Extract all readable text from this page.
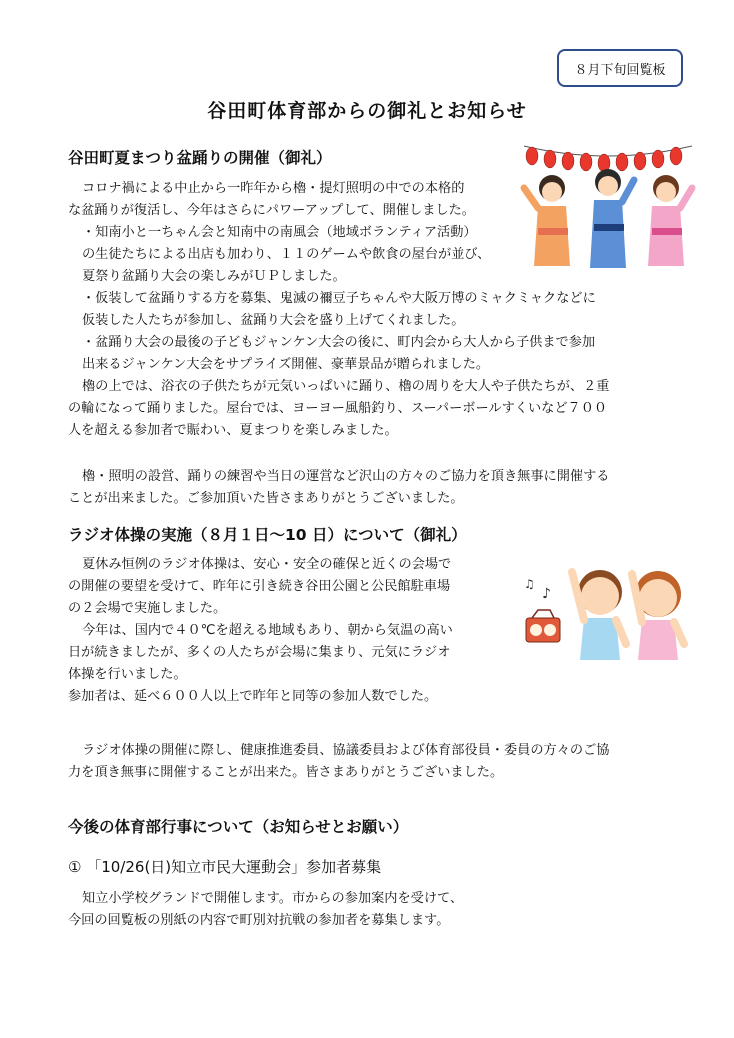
８月下旬回覧板
谷田町体育部からの御礼とお知らせ
谷田町夏まつり盆踊りの開催（御礼）

コロナ禍による中止から一昨年から櫓・提灯照明の中での本格的
な盆踊りが復活し、今年はさらにパワーアップして、開催しました。
・知南小と一ちゃん会と知南中の南風会（地域ボランティア活動）
の生徒たちによる出店も加わり、１１のゲームや飲食の屋台が並び、
夏祭り盆踊り大会の楽しみがＵＰしました。
・仮装して盆踊りする方を募集、鬼滅の禰豆子ちゃんや大阪万博のミャクミャクなどに
仮装した人たちが参加し、盆踊り大会を盛り上げてくれました。
・盆踊り大会の最後の子どもジャンケン大会の後に、町内会から大人から子供まで参加
出来るジャンケン大会をサプライズ開催、豪華景品が贈られました。
櫓の上では、浴衣の子供たちが元気いっぱいに踊り、櫓の周りを大人や子供たちが、２重
の輪になって踊りました。屋台では、ヨーヨー風船釣り、スーパーボールすくいなど７００
人を超える参加者で賑わい、夏まつりを楽しみました。

櫓・照明の設営、踊りの練習や当日の運営など沢山の方々のご協力を頂き無事に開催する
ことが出来ました。ご参加頂いた皆さまありがとうございました。

ラジオ体操の実施（８月１日～10 日）について（御礼）
♪
♫

夏休み恒例のラジオ体操は、安心・安全の確保と近くの会場で
の開催の要望を受けて、昨年に引き続き谷田公園と公民館駐車場
の２会場で実施しました。
今年は、国内で４０℃を超える地域もあり、朝から気温の高い
日が続きましたが、多くの人たちが会場に集まり、元気にラジオ
体操を行いました。
参加者は、延べ６００人以上で昨年と同等の参加人数でした。

ラジオ体操の開催に際し、健康推進委員、協議委員および体育部役員・委員の方々のご協
力を頂き無事に開催することが出来た。皆さまありがとうございました。

今後の体育部行事について（お知らせとお願い）
① 「10/26(日)知立市民大運動会」参加者募集

知立小学校グランドで開催します。市からの参加案内を受けて、
今回の回覧板の別紙の内容で町別対抗戦の参加者を募集します。
